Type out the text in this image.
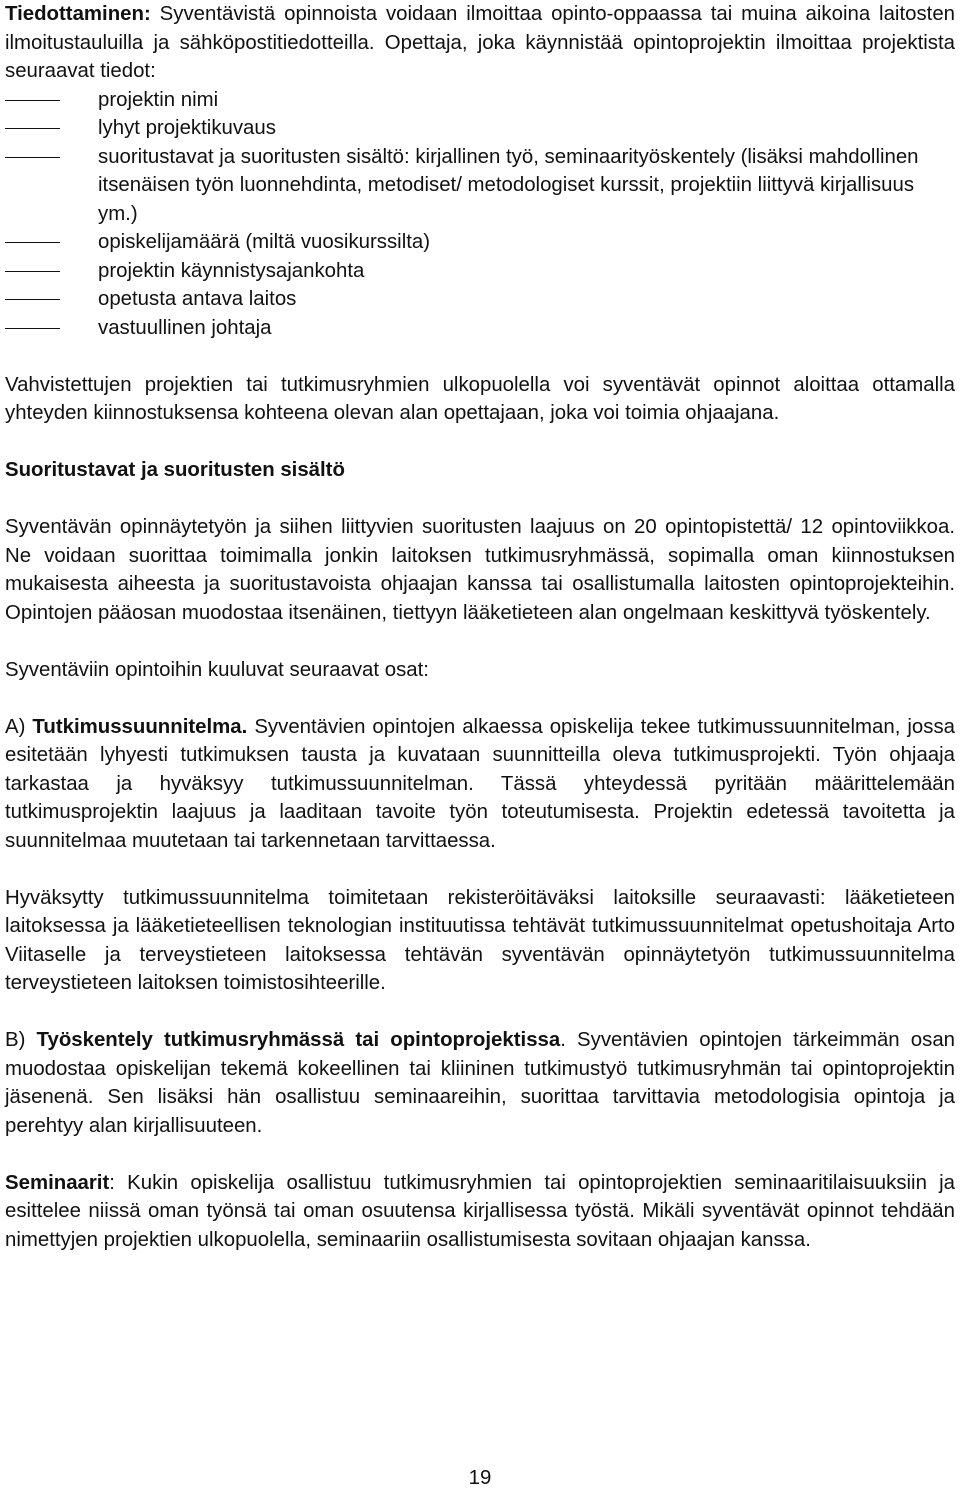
Tiedottaminen: Syventävistä opinnoista voidaan ilmoittaa opinto-oppaassa tai muina aikoina laitosten ilmoitustauluilla ja sähköpostitiedotteilla. Opettaja, joka käynnistää opintoprojektin ilmoittaa projektista seuraavat tiedot:

projektin nimi
lyhyt projektikuvaus
suoritustavat ja suoritusten sisältö: kirjallinen työ, seminaarityöskentely (lisäksi mahdollinen itsenäisen työn luonnehdinta, metodiset/ metodologiset kurssit, projektiin liittyvä kirjallisuus ym.)
opiskelijamäärä (miltä vuosikurssilta)
projektin käynnistysajankohta
opetusta antava laitos
vastuullinen johtaja

Vahvistettujen projektien tai tutkimusryhmien ulkopuolella voi syventävät opinnot aloittaa ottamalla yhteyden kiinnostuksensa kohteena olevan alan opettajaan, joka voi toimia ohjaajana.

Suoritustavat ja suoritusten sisältö

Syventävän opinnäytetyön ja siihen liittyvien suoritusten laajuus on 20 opintopistettä/ 12 opintoviikkoa. Ne voidaan suorittaa toimimalla jonkin laitoksen tutkimusryhmässä, sopimalla oman kiinnostuksen mukaisesta aiheesta ja suoritustavoista ohjaajan kanssa tai osallistumalla laitosten opintoprojekteihin. Opintojen pääosan muodostaa itsenäinen, tiettyyn lääketieteen alan ongelmaan keskittyvä työskentely.

Syventäviin opintoihin kuuluvat seuraavat osat:

A) Tutkimussuunnitelma. Syventävien opintojen alkaessa opiskelija tekee tutkimussuunnitelman, jossa esitetään lyhyesti tutkimuksen tausta ja kuvataan suunnitteilla oleva tutkimusprojekti. Työn ohjaaja tarkastaa ja hyväksyy tutkimussuunnitelman. Tässä yhteydessä pyritään määrittelemään tutkimusprojektin laajuus ja laaditaan tavoite työn toteutumisesta. Projektin edetessä tavoitetta ja suunnitelmaa muutetaan tai tarkennetaan tarvittaessa.

Hyväksytty tutkimussuunnitelma toimitetaan rekisteröitäväksi laitoksille seuraavasti: lääketieteen laitoksessa ja lääketieteellisen teknologian instituutissa tehtävät tutkimussuunnitelmat opetushoitaja Arto Viitaselle ja terveystieteen laitoksessa tehtävän syventävän opinnäytetyön tutkimussuunnitelma terveystieteen laitoksen toimistosihteerille.

B) Työskentely tutkimusryhmässä tai opintoprojektissa. Syventävien opintojen tärkeimmän osan muodostaa opiskelijan tekemä kokeellinen tai kliininen tutkimustyö tutkimusryhmän tai opintoprojektin jäsenenä. Sen lisäksi hän osallistuu seminaareihin, suorittaa tarvittavia metodologisia opintoja ja perehtyy alan kirjallisuuteen.

Seminaarit: Kukin opiskelija osallistuu tutkimusryhmien tai opintoprojektien seminaaritilaisuuksiin ja esittelee niissä oman työnsä tai oman osuutensa kirjallisessa työstä. Mikäli syventävät opinnot tehdään nimettyjen projektien ulkopuolella, seminaariin osallistumisesta sovitaan ohjaajan kanssa.

19
